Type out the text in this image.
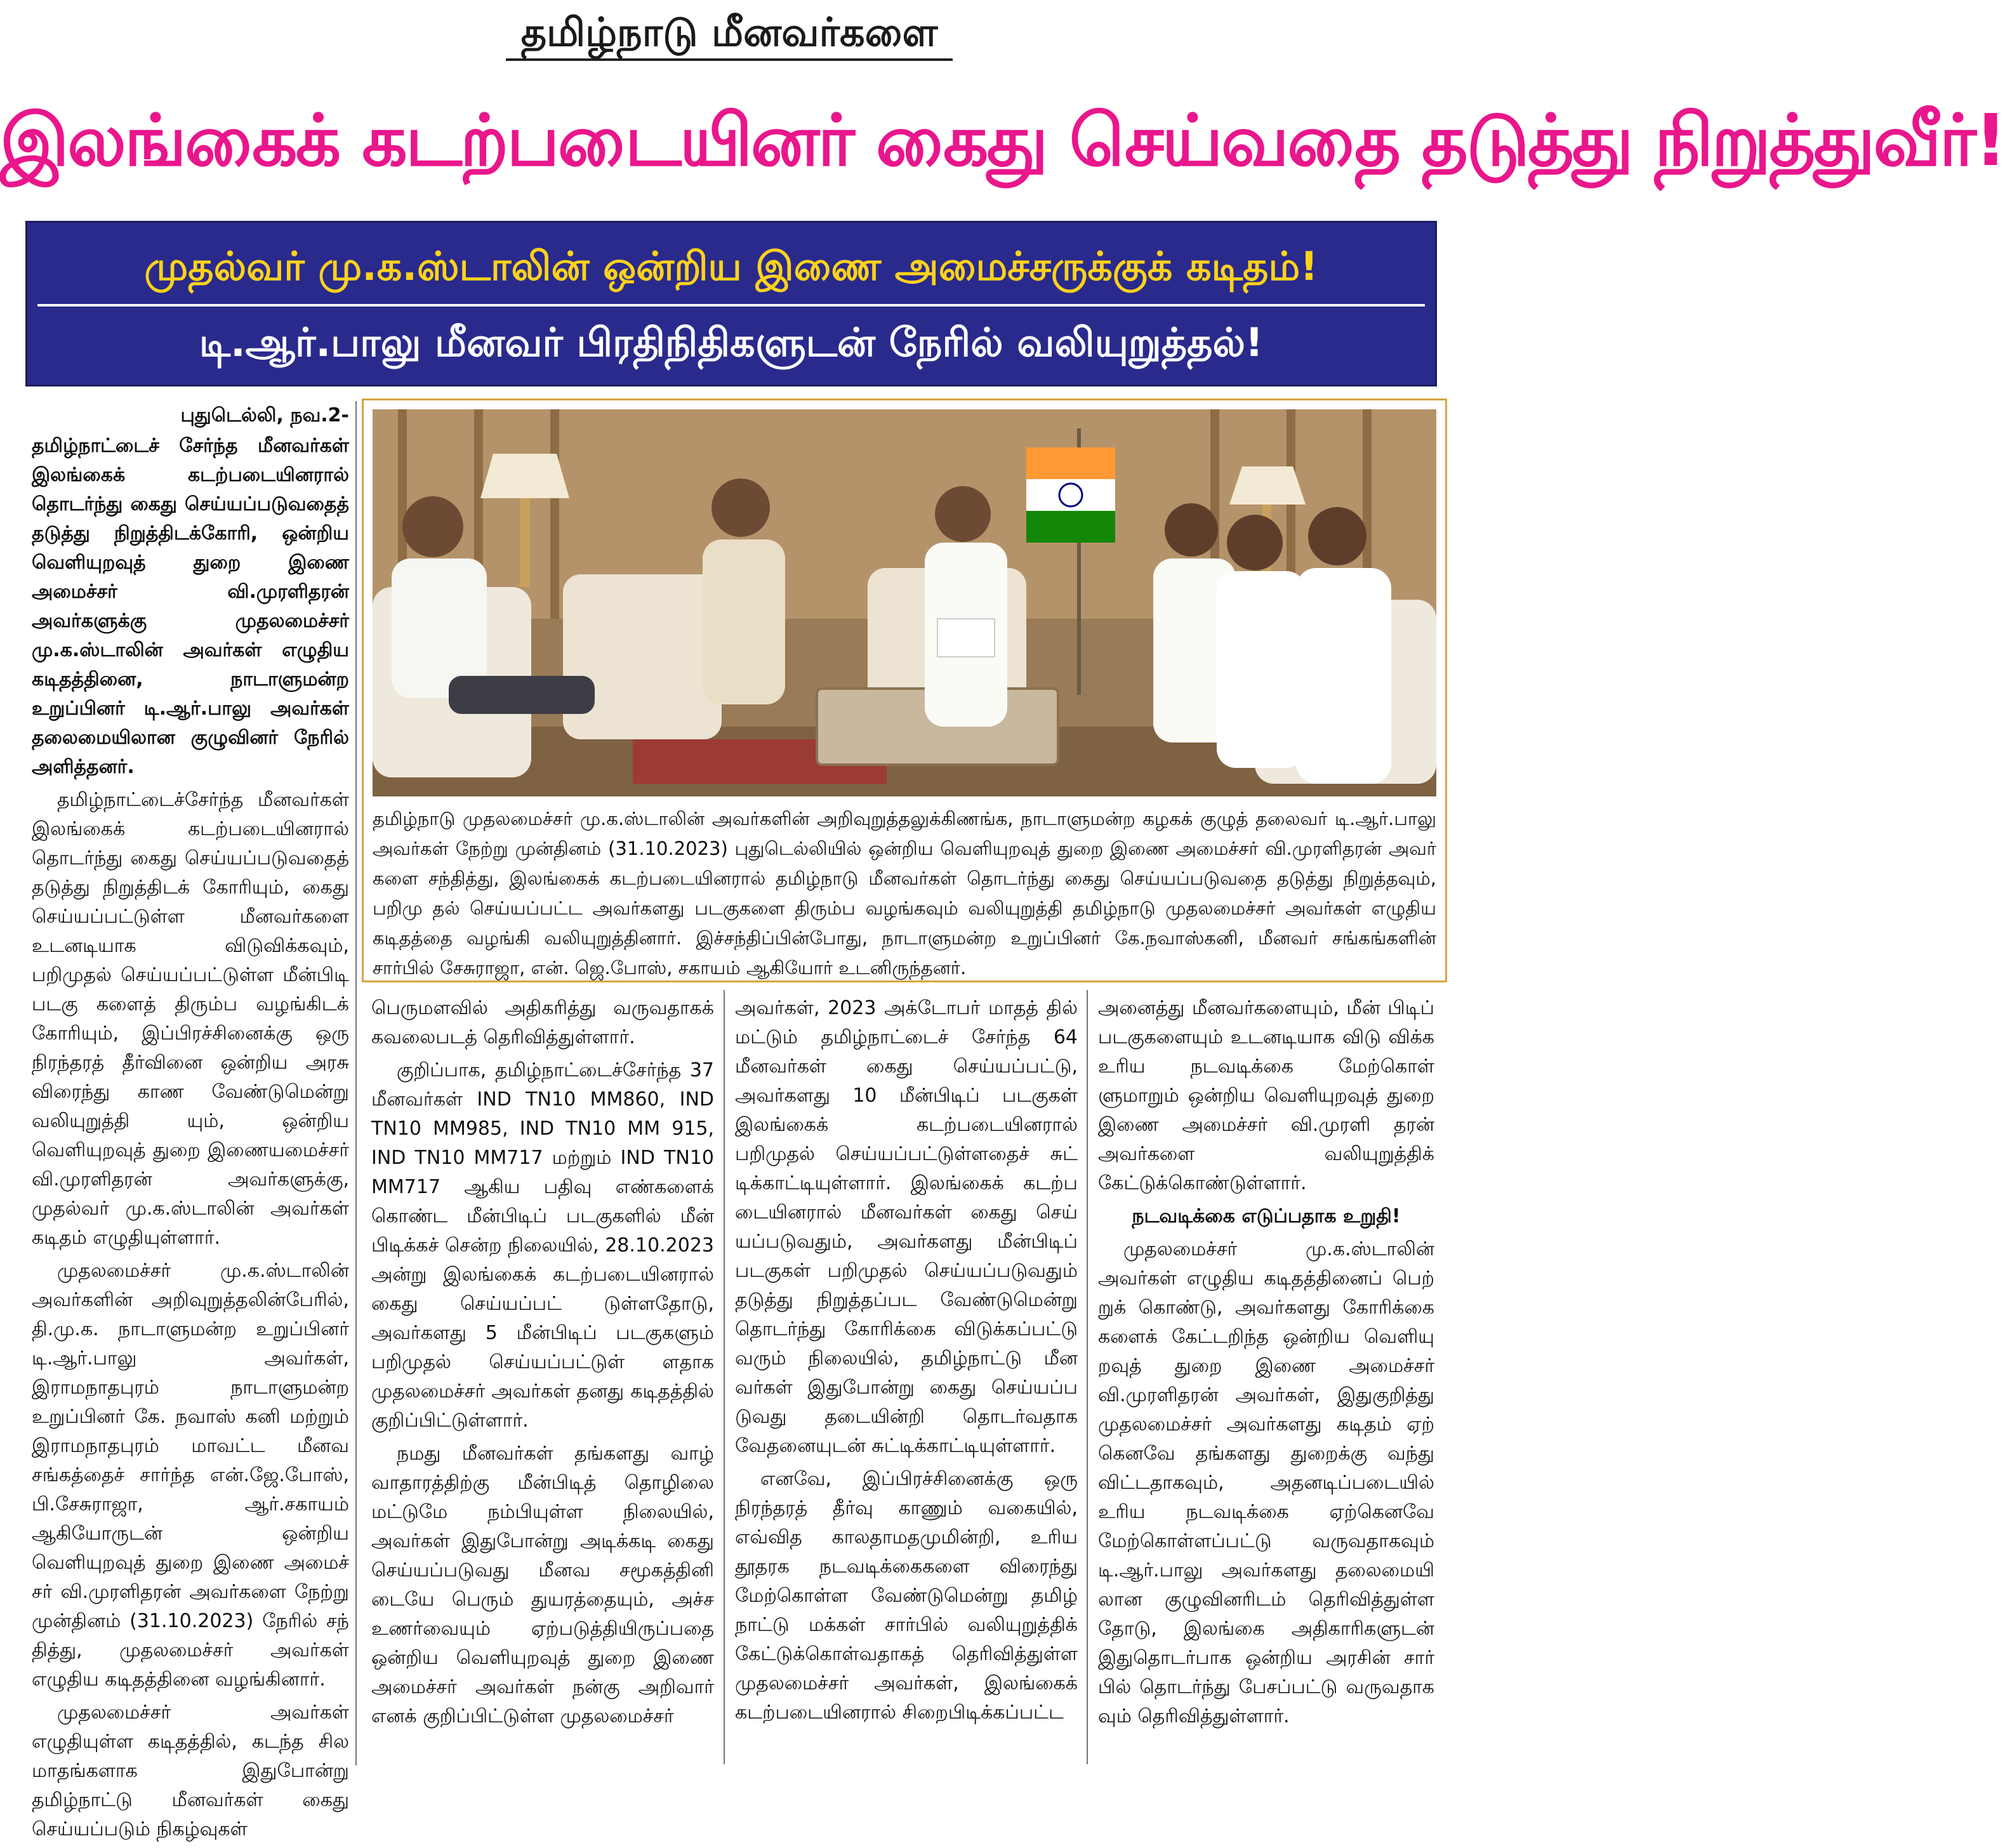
தமிழ்நாடு மீனவர்களை
இலங்கைக் கடற்படையினர் கைது செய்வதை தடுத்து நிறுத்துவீர்!
முதல்வர் மு.க.ஸ்டாலின் ஒன்றிய இணை அமைச்சருக்குக் கடிதம்!
டி.ஆர்.பாலு மீனவர் பிரதிநிதிகளுடன் நேரில் வலியுறுத்தல்!
புதுடெல்லி, நவ.2-

தமிழ்நாட்டைச் சேர்ந்த மீனவர்கள் இலங்கைக் கடற்படையினரால் தொடர்ந்து கைது செய்யப்படுவதைத் தடுத்து நிறுத்திடக்கோரி, ஒன்றிய வெளியுறவுத் துறை இணை அமைச்சர் வி.முரளிதரன் அவர்களுக்கு முதலமைச்சர் மு.க.ஸ்டாலின் அவர்கள் எழுதிய கடிதத்தினை, நாடாளுமன்ற உறுப்பினர் டி.ஆர்.பாலு அவர்கள் தலைமையிலான குழுவினர் நேரில் அளித்தனர்.

தமிழ்நாட்டைச்சேர்ந்த மீனவர்கள் இலங்கைக் கடற்படையினரால் தொடர்ந்து கைது செய்யப்படுவதைத் தடுத்து நிறுத்திடக் கோரியும், கைது செய்யப்பட்டுள்ள மீனவர்களை உடனடியாக விடுவிக்கவும், பறிமுதல் செய்யப்பட்டுள்ள மீன்பிடி படகு களைத் திரும்ப வழங்கிடக் கோரியும், இப்பிரச்சினைக்கு ஒரு நிரந்தரத் தீர்வினை ஒன்றிய அரசு விரைந்து காண வேண்டுமென்று வலியுறுத்தி யும், ஒன்றிய வெளியுறவுத் துறை இணையமைச்சர் வி.முரளிதரன் அவர்களுக்கு, முதல்வர் மு.க.ஸ்டாலின் அவர்கள் கடிதம் எழுதியுள்ளார்.

முதலமைச்சர் மு.க.ஸ்டாலின் அவர்களின் அறிவுறுத்தலின்பேரில், தி.மு.க. நாடாளுமன்ற உறுப்பினர் டி.ஆர்.பாலு அவர்கள், இராமநாதபுரம் நாடாளுமன்ற உறுப்பினர் கே. நவாஸ் கனி மற்றும் இராமநாதபுரம் மாவட்ட மீனவ சங்கத்தைச் சார்ந்த என்.ஜே.போஸ், பி.சேசுராஜா, ஆர்.சகாயம் ஆகியோருடன் ஒன்றிய வெளியுறவுத் துறை இணை அமைச் சர் வி.முரளிதரன் அவர்களை நேற்று முன்தினம் (31.10.2023) நேரில் சந் தித்து, முதலமைச்சர் அவர்கள் எழுதிய கடிதத்தினை வழங்கினார்.

முதலமைச்சர் அவர்கள் எழுதியுள்ள கடிதத்தில், கடந்த சில மாதங்களாக இதுபோன்று தமிழ்நாட்டு மீனவர்கள் கைது செய்யப்படும் நிகழ்வுகள்

தமிழ்நாடு முதலமைச்சர் மு.க.ஸ்டாலின் அவர்களின் அறிவுறுத்தலுக்கிணங்க, நாடாளுமன்ற கழகக் குழுத் தலைவர் டி.ஆர்.பாலு அவர்கள் நேற்று முன்தினம் (31.10.2023) புதுடெல்லியில் ஒன்றிய வெளியுறவுத் துறை இணை அமைச்சர் வி.முரளிதரன் அவர் களை சந்தித்து, இலங்கைக் கடற்படையினரால் தமிழ்நாடு மீனவர்கள் தொடர்ந்து கைது செய்யப்படுவதை தடுத்து நிறுத்தவும், பறிமு தல் செய்யப்பட்ட அவர்களது படகுகளை திரும்ப வழங்கவும் வலியுறுத்தி தமிழ்நாடு முதலமைச்சர் அவர்கள் எழுதிய கடிதத்தை வழங்கி வலியுறுத்தினார். இச்சந்திப்பின்போது, நாடாளுமன்ற உறுப்பினர் கே.நவாஸ்கனி, மீனவர் சங்கங்களின் சார்பில் சேசுராஜா, என். ஜெ.போஸ், சகாயம் ஆகியோர் உடனிருந்தனர்.

பெருமளவில் அதிகரித்து வருவதாகக் கவலைபடத் தெரிவித்துள்ளார்.

குறிப்பாக, தமிழ்நாட்டைச்சேர்ந்த 37 மீனவர்கள் IND TN10 MM860, IND TN10 MM985, IND TN10 MM 915, IND TN10 MM717 மற்றும் IND TN10 MM717 ஆகிய பதிவு எண்களைக் கொண்ட மீன்பிடிப் படகுகளில் மீன் பிடிக்கச் சென்ற நிலையில், 28.10.2023 அன்று இலங்கைக் கடற்படையினரால் கைது செய்யப்பட் டுள்ளதோடு, அவர்களது 5 மீன்பிடிப் படகுகளும் பறிமுதல் செய்யப்பட்டுள் ளதாக முதலமைச்சர் அவர்கள் தனது கடிதத்தில் குறிப்பிட்டுள்ளார்.

நமது மீனவர்கள் தங்களது வாழ் வாதாரத்திற்கு மீன்பிடித் தொழிலை மட்டுமே நம்பியுள்ள நிலையில், அவர்கள் இதுபோன்று அடிக்கடி கைது செய்யப்படுவது மீனவ சமூகத்தினி டையே பெரும் துயரத்தையும், அச்ச உணர்வையும் ஏற்படுத்தியிருப்பதை ஒன்றிய வெளியுறவுத் துறை இணை அமைச்சர் அவர்கள் நன்கு அறிவார் எனக் குறிப்பிட்டுள்ள முதலமைச்சர்

அவர்கள், 2023 அக்டோபர் மாதத் தில் மட்டும் தமிழ்நாட்டைச் சேர்ந்த 64 மீனவர்கள் கைது செய்யப்பட்டு, அவர்களது 10 மீன்பிடிப் படகுகள் இலங்கைக் கடற்படையினரால் பறிமுதல் செய்யப்பட்டுள்ளதைச் சுட் டிக்காட்டியுள்ளார். இலங்கைக் கடற்ப டையினரால் மீனவர்கள் கைது செய் யப்படுவதும், அவர்களது மீன்பிடிப் படகுகள் பறிமுதல் செய்யப்படுவதும் தடுத்து நிறுத்தப்பட வேண்டுமென்று தொடர்ந்து கோரிக்கை விடுக்கப்பட்டு வரும் நிலையில், தமிழ்நாட்டு மீன வர்கள் இதுபோன்று கைது செய்யப்ப டுவது தடையின்றி தொடர்வதாக வேதனையுடன் சுட்டிக்காட்டியுள்ளார்.

எனவே, இப்பிரச்சினைக்கு ஒரு நிரந்தரத் தீர்வு காணும் வகையில், எவ்வித காலதாமதமுமின்றி, உரிய தூதரக நடவடிக்கைகளை விரைந்து மேற்கொள்ள வேண்டுமென்று தமிழ் நாட்டு மக்கள் சார்பில் வலியுறுத்திக் கேட்டுக்கொள்வதாகத் தெரிவித்துள்ள முதலமைச்சர் அவர்கள், இலங்கைக் கடற்படையினரால் சிறைபிடிக்கப்பட்ட

அனைத்து மீனவர்களையும், மீன் பிடிப் படகுகளையும் உடனடியாக விடு விக்க உரிய நடவடிக்கை மேற்கொள் ளுமாறும் ஒன்றிய வெளியுறவுத் துறை இணை அமைச்சர் வி.முரளி தரன் அவர்களை வலியுறுத்திக் கேட்டுக்கொண்டுள்ளார்.

நடவடிக்கை எடுப்பதாக உறுதி!

முதலமைச்சர் மு.க.ஸ்டாலின் அவர்கள் எழுதிய கடிதத்தினைப் பெற் றுக் கொண்டு, அவர்களது கோரிக்கை களைக் கேட்டறிந்த ஒன்றிய வெளியு றவுத் துறை இணை அமைச்சர் வி.முரளிதரன் அவர்கள், இதுகுறித்து முதலமைச்சர் அவர்களது கடிதம் ஏற் கெனவே தங்களது துறைக்கு வந்து விட்டதாகவும், அதனடிப்படையில் உரிய நடவடிக்கை ஏற்கெனவே மேற்கொள்ளப்பட்டு வருவதாகவும் டி.ஆர்.பாலு அவர்களது தலைமையி லான குழுவினரிடம் தெரிவித்துள்ள தோடு, இலங்கை அதிகாரிகளுடன் இதுதொடர்பாக ஒன்றிய அரசின் சார் பில் தொடர்ந்து பேசப்பட்டு வருவதாக வும் தெரிவித்துள்ளார்.
